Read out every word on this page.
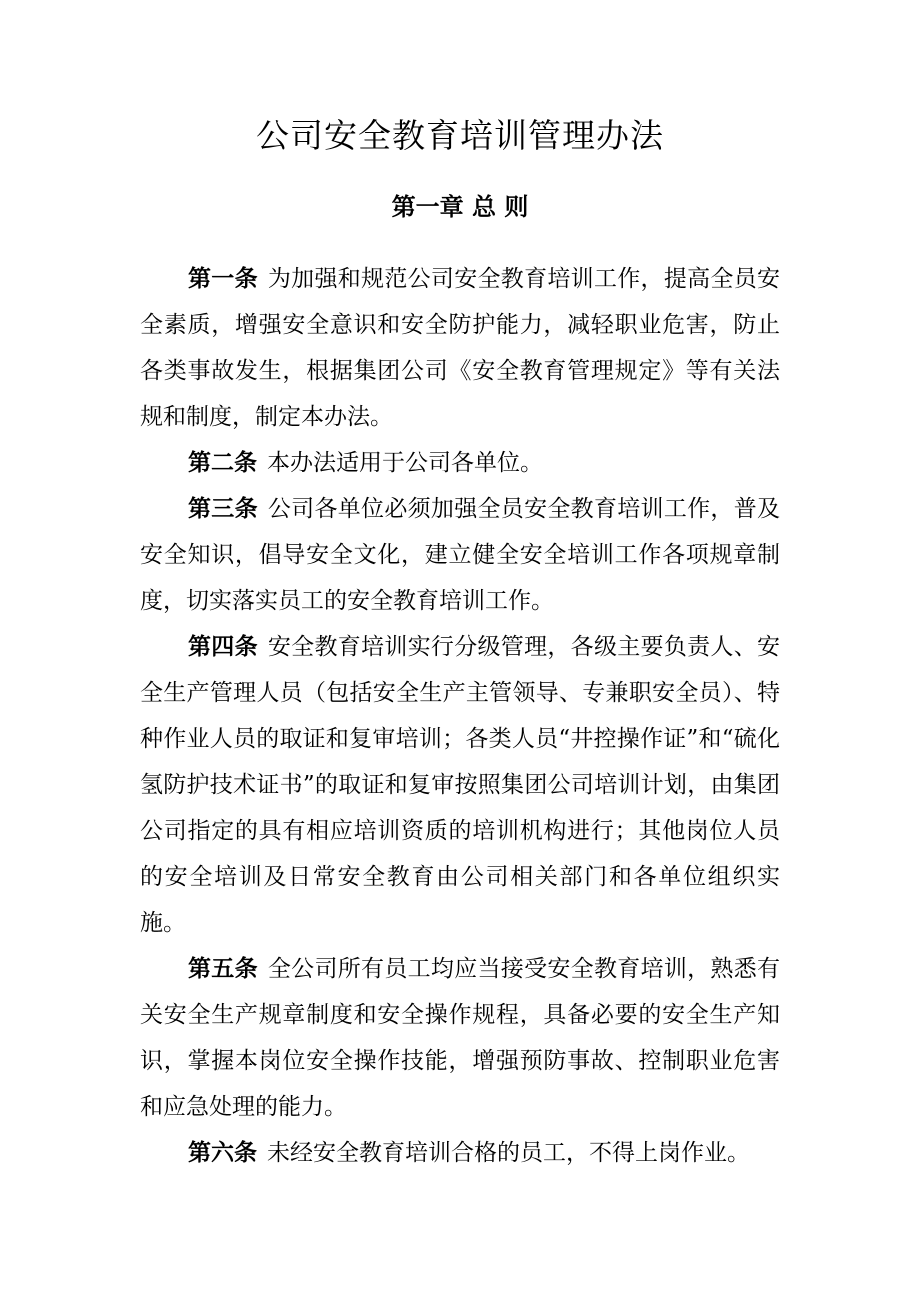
公司安全教育培训管理办法
第一章 总 则

第一条 为加强和规范公司安全教育培训工作，提高全员安全素质，增强安全意识和安全防护能力，减轻职业危害，防止各类事故发生，根据集团公司《安全教育管理规定》等有关法规和制度，制定本办法。

第二条 本办法适用于公司各单位。

第三条 公司各单位必须加强全员安全教育培训工作，普及安全知识，倡导安全文化，建立健全安全培训工作各项规章制度，切实落实员工的安全教育培训工作。

第四条 安全教育培训实行分级管理，各级主要负责人、安全生产管理人员（包括安全生产主管领导、专兼职安全员）、特种作业人员的取证和复审培训；各类人员“井控操作证”和“硫化氢防护技术证书”的取证和复审按照集团公司培训计划，由集团公司指定的具有相应培训资质的培训机构进行；其他岗位人员的安全培训及日常安全教育由公司相关部门和各单位组织实施。

第五条 全公司所有员工均应当接受安全教育培训，熟悉有关安全生产规章制度和安全操作规程，具备必要的安全生产知识，掌握本岗位安全操作技能，增强预防事故、控制职业危害和应急处理的能力。

第六条 未经安全教育培训合格的员工，不得上岗作业。
